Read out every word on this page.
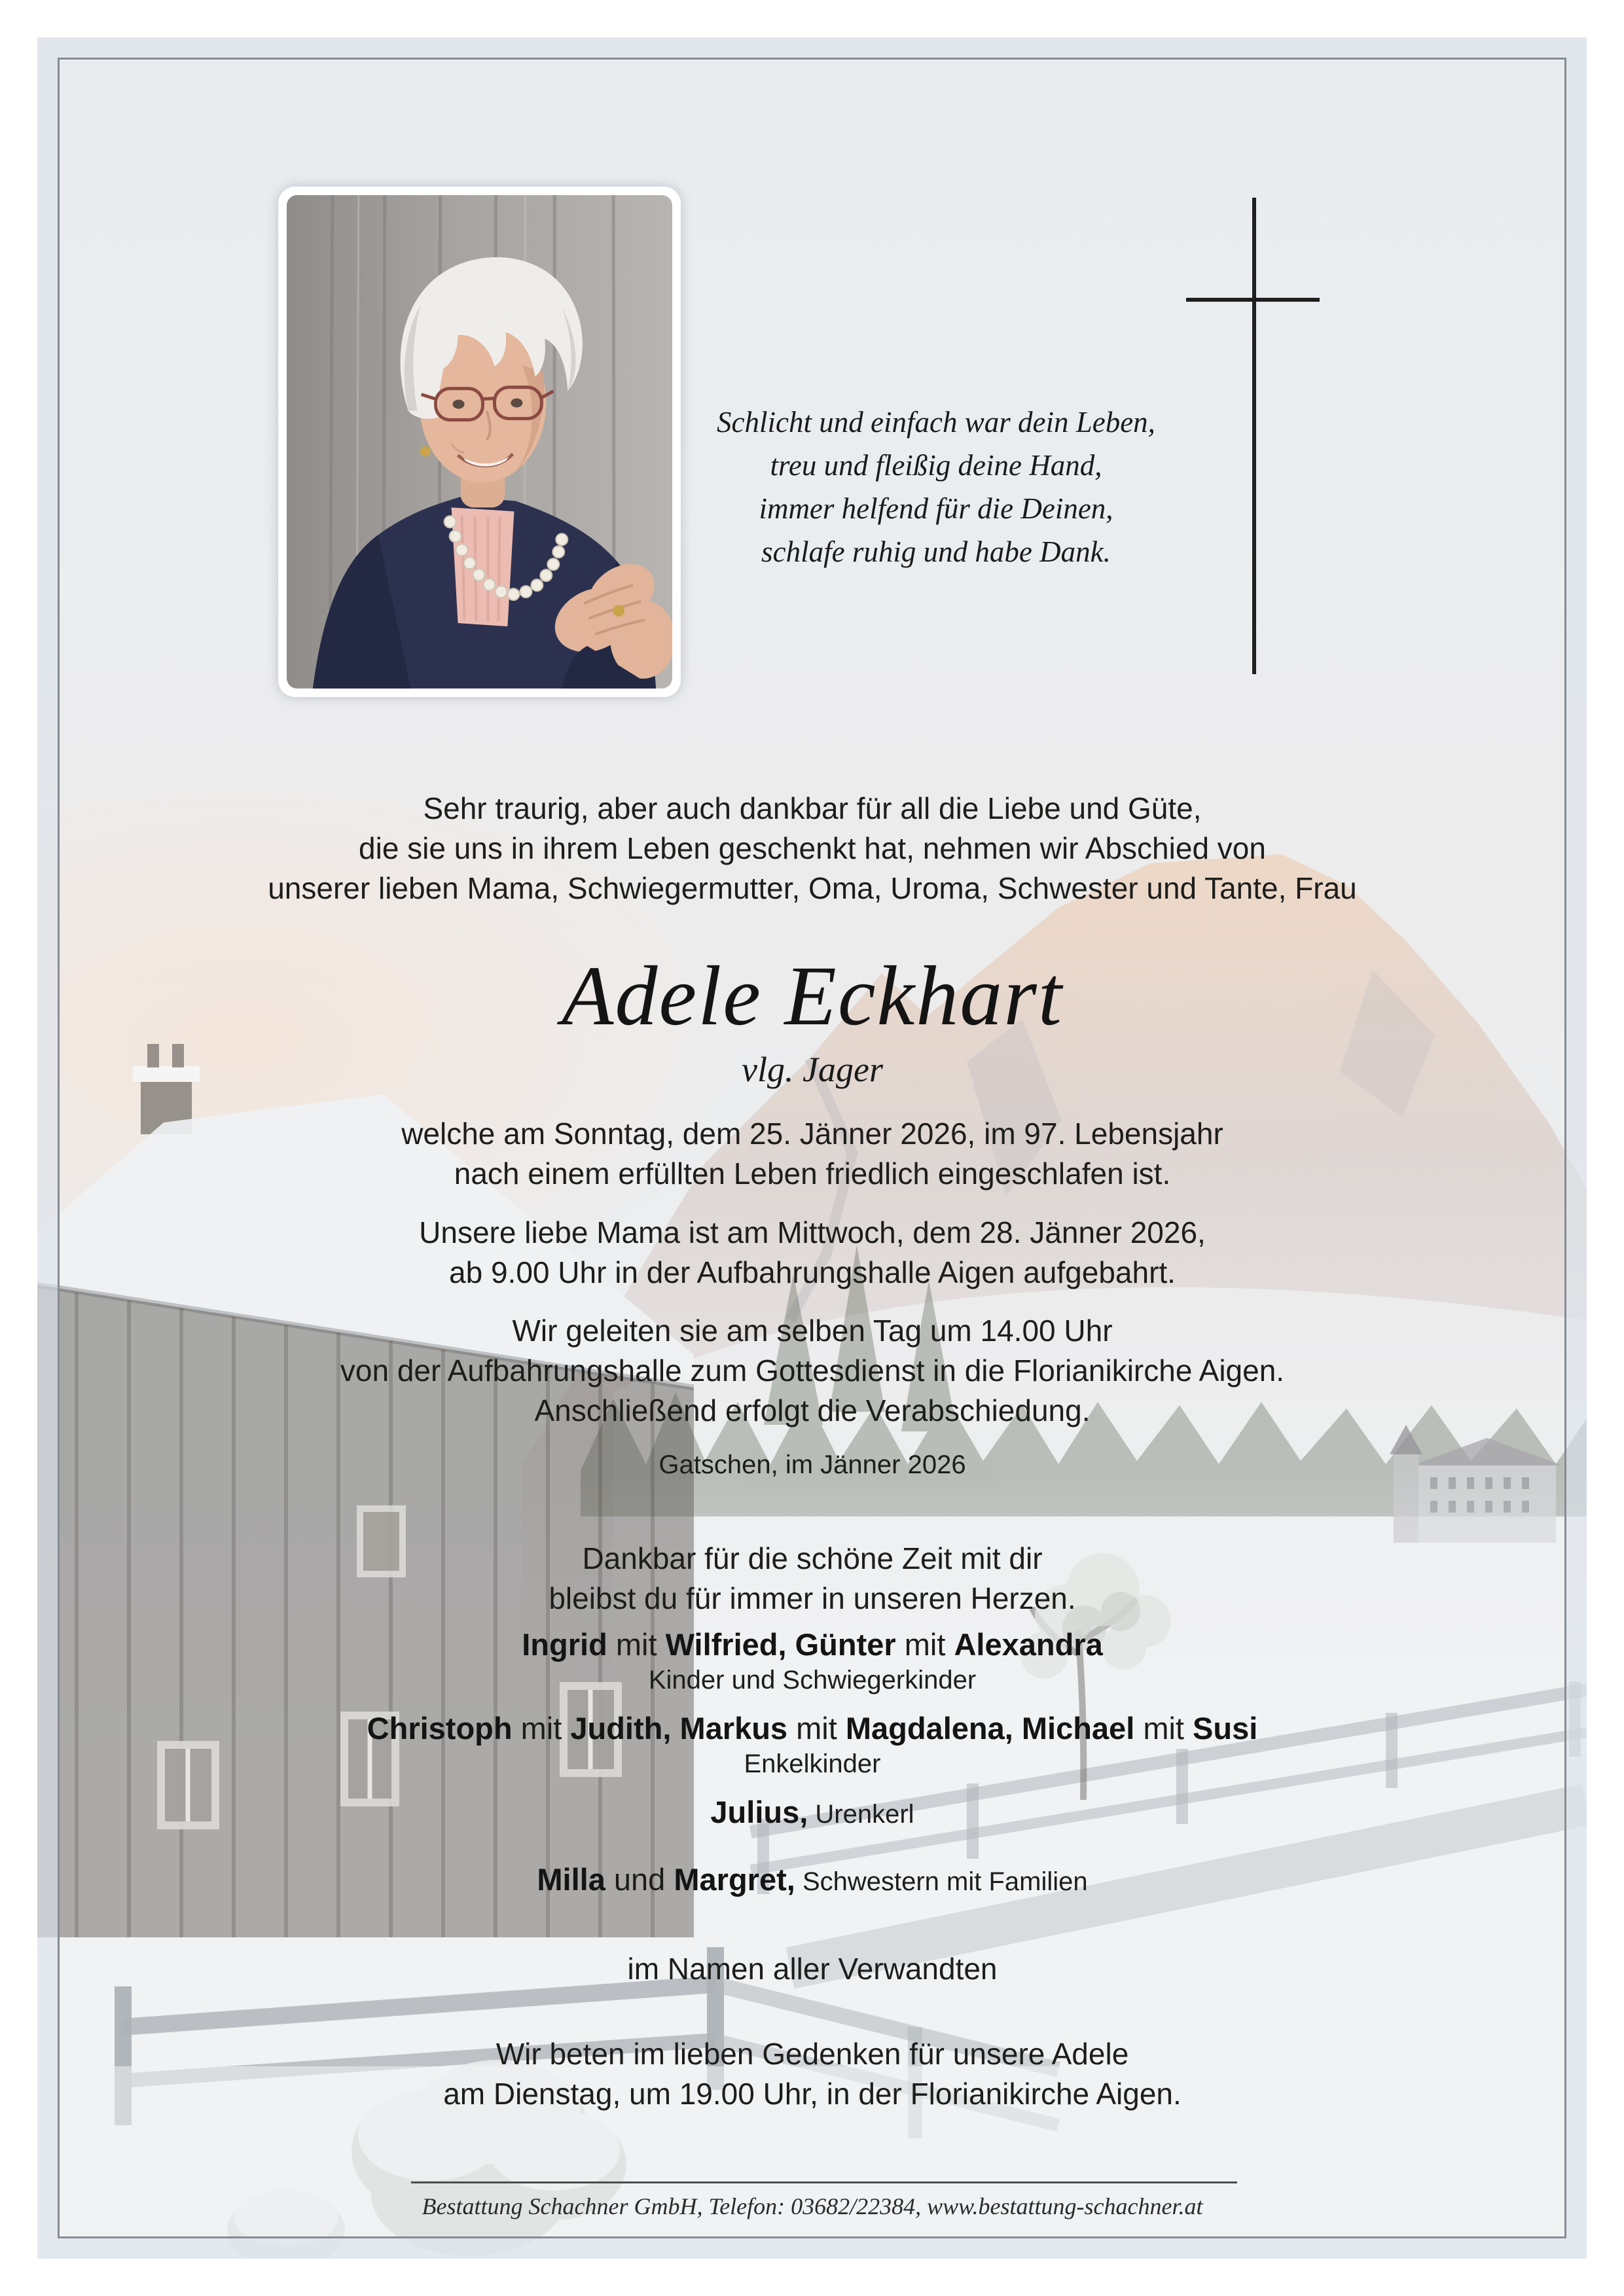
Schlicht und einfach war dein Leben,
treu und fleißig deine Hand,
immer helfend für die Deinen,
schlafe ruhig und habe Dank.
Sehr traurig, aber auch dankbar für all die Liebe und Güte,
die sie uns in ihrem Leben geschenkt hat, nehmen wir Abschied von
unserer lieben Mama, Schwiegermutter, Oma, Uroma, Schwester und Tante, Frau
Adele Eckhart
vlg. Jager
welche am Sonntag, dem 25. Jänner 2026, im 97. Lebensjahr
nach einem erfüllten Leben friedlich eingeschlafen ist.
Unsere liebe Mama ist am Mittwoch, dem 28. Jänner 2026,
ab 9.00 Uhr in der Aufbahrungshalle Aigen aufgebahrt.
Wir geleiten sie am selben Tag um 14.00 Uhr
von der Aufbahrungshalle zum Gottesdienst in die Florianikirche Aigen.
Anschließend erfolgt die Verabschiedung.
Gatschen, im Jänner 2026
Dankbar für die schöne Zeit mit dir
bleibst du für immer in unseren Herzen.
Ingrid mit Wilfried, Günter mit Alexandra
Kinder und Schwiegerkinder
Christoph mit Judith, Markus mit Magdalena, Michael mit Susi
Enkelkinder
Julius, Urenkerl
Milla und Margret, Schwestern mit Familien
im Namen aller Verwandten
Wir beten im lieben Gedenken für unsere Adele
am Dienstag, um 19.00 Uhr, in der Florianikirche Aigen.
Bestattung Schachner GmbH, Telefon: 03682/22384, www.bestattung-schachner.at
